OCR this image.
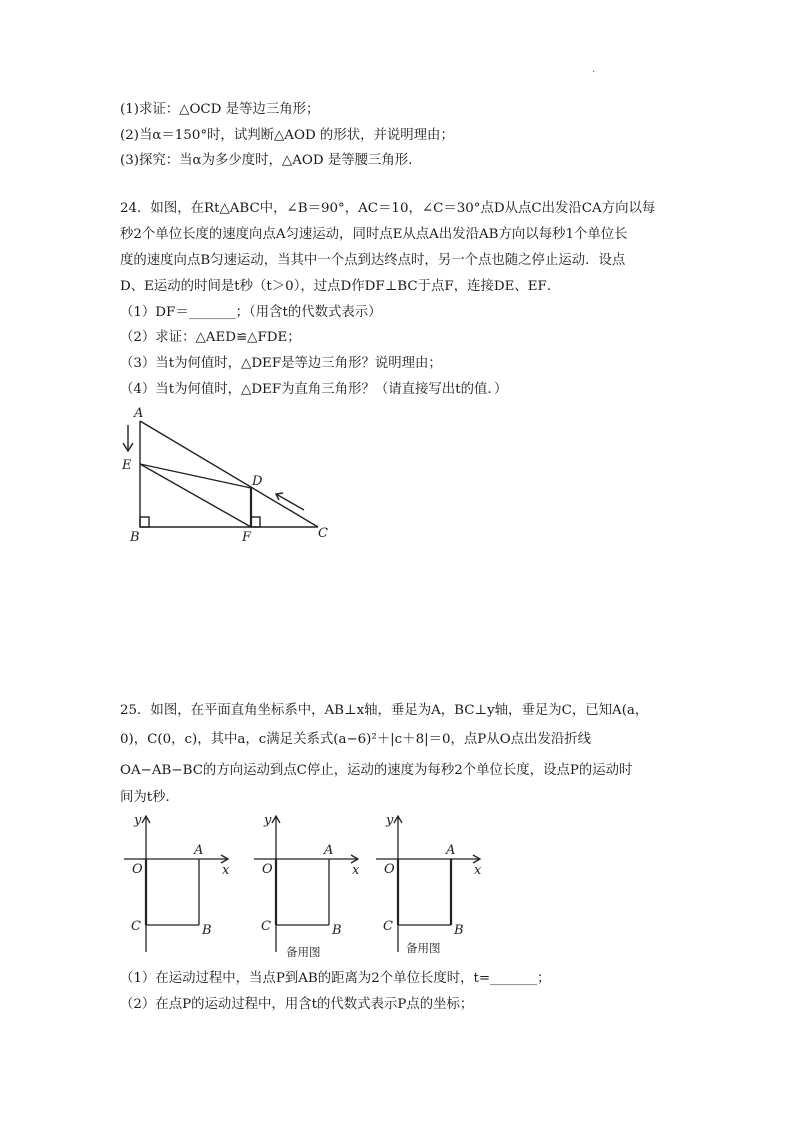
.
(1)求证：△OCD 是等边三角形；
(2)当α＝150°时，试判断△AOD 的形状，并说明理由；
(3)探究：当α为多少度时，△AOD 是等腰三角形．
24．如图，在Rt△ABC中，∠B＝90°，AC＝10，∠C＝30°点D从点C出发沿CA方向以每
秒2个单位长度的速度向点A匀速运动，同时点E从点A出发沿AB方向以每秒1个单位长
度的速度向点B匀速运动，当其中一个点到达终点时，另一个点也随之停止运动．设点
D、E运动的时间是t秒（t＞0），过点D作DF⊥BC于点F，连接DE、EF．
（1）DF＝_______；（用含t的代数式表示）
（2）求证：△AED≌△FDE；
（3）当t为何值时，△DEF是等边三角形？说明理由；
（4）当t为何值时，△DEF为直角三角形？（请直接写出t的值．）
A
E
D
B	F	C
25．如图，在平面直角坐标系中，AB⊥x轴，垂足为A，BC⊥y轴，垂足为C，已知A(a，
0)，C(0，c)，其中a，c满足关系式(a−6)²＋|c＋8|＝0，点P从O点出发沿折线
OA−AB−BC的方向运动到点C停止，运动的速度为每秒2个单位长度，设点P的运动时
间为t秒．
y
x
O
A
B
C
y
x
O
A
B
C
备用图
y
x
O
A
B
C
备用图
（1）在运动过程中，当点P到AB的距离为2个单位长度时，t=_______；
（2）在点P的运动过程中，用含t的代数式表示P点的坐标；
